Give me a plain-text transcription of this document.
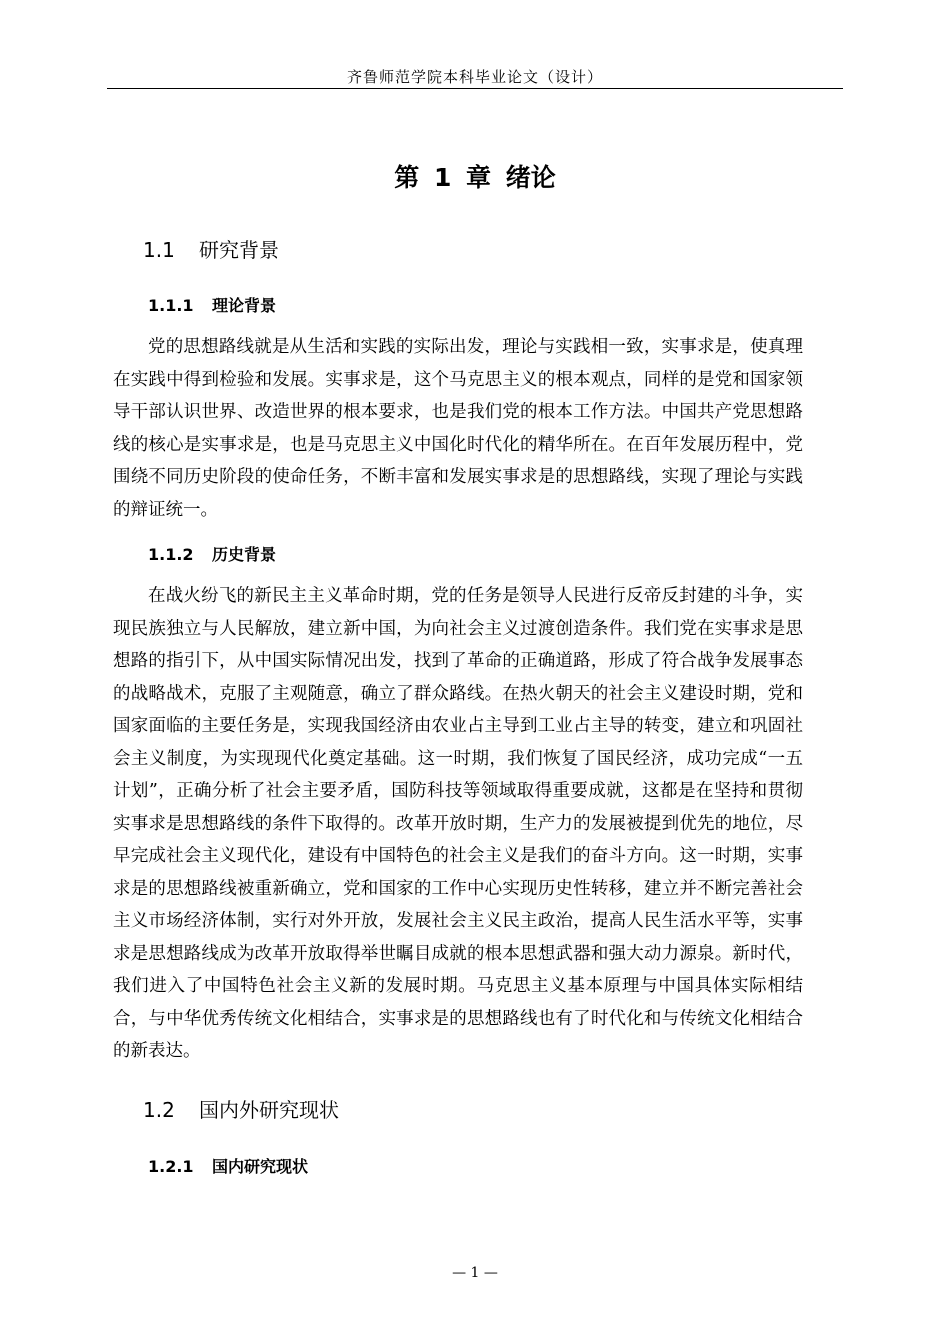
齐鲁师范学院本科毕业论文（设计）
第 1 章 绪论
1.1 研究背景
1.1.1 理论背景

党的思想路线就是从生活和实践的实际出发，理论与实践相一致，实事求是，使真理在实践中得到检验和发展。实事求是，这个马克思主义的根本观点，同样的是党和国家领导干部认识世界、改造世界的根本要求，也是我们党的根本工作方法。中国共产党思想路线的核心是实事求是，也是马克思主义中国化时代化的精华所在。在百年发展历程中，党围绕不同历史阶段的使命任务，不断丰富和发展实事求是的思想路线，实现了理论与实践的辩证统一。

1.1.2 历史背景

在战火纷飞的新民主主义革命时期，党的任务是领导人民进行反帝反封建的斗争，实现民族独立与人民解放，建立新中国，为向社会主义过渡创造条件。我们党在实事求是思想路的指引下，从中国实际情况出发，找到了革命的正确道路，形成了符合战争发展事态的战略战术，克服了主观随意，确立了群众路线。在热火朝天的社会主义建设时期，党和国家面临的主要任务是，实现我国经济由农业占主导到工业占主导的转变，建立和巩固社会主义制度，为实现现代化奠定基础。这一时期，我们恢复了国民经济，成功完成“一五计划”，正确分析了社会主要矛盾，国防科技等领域取得重要成就，这都是在坚持和贯彻实事求是思想路线的条件下取得的。改革开放时期，生产力的发展被提到优先的地位，尽早完成社会主义现代化，建设有中国特色的社会主义是我们的奋斗方向。这一时期，实事求是的思想路线被重新确立，党和国家的工作中心实现历史性转移，建立并不断完善社会主义市场经济体制，实行对外开放，发展社会主义民主政治，提高人民生活水平等，实事求是思想路线成为改革开放取得举世瞩目成就的根本思想武器和强大动力源泉。新时代，我们进入了中国特色社会主义新的发展时期。马克思主义基本原理与中国具体实际相结合，与中华优秀传统文化相结合，实事求是的思想路线也有了时代化和与传统文化相结合的新表达。

1.2 国内外研究现状
1.2.1 国内研究现状
— 1 —
